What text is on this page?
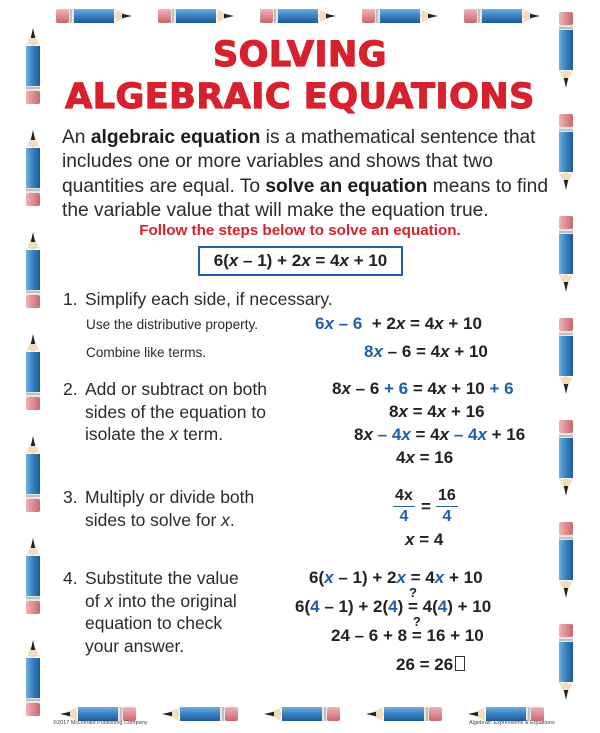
SOLVING
ALGEBRAIC EQUATIONS

An algebraic equation is a mathematical sentence that includes one or more variables and shows that two quantities are equal. To solve an equation means to find the variable value that will make the equation true.

Follow the steps below to solve an equation.
6(x – 1) + 2x = 4x + 10
1. Simplify each side, if necessary.
Use the distributive property.	6x – 6  + 2x = 4x + 10
Combine like terms.	8x – 6 = 4x + 10
2. Add or subtract on both
sides of the equation to
isolate the x term.
8x – 6 + 6 = 4x + 10 + 6
8x = 4x + 16
8x – 4x = 4x – 4x + 16
4x = 16
3. Multiply or divide both
sides to solve for x.	$\frac{4x}{4} = \frac{16}{4}$
x = 4
4. Substitute the value
of x into the original
equation to check
your answer.
6(x – 1) + 2x = 4x + 10
6(4 – 1) + 2(4)
?
= 4(4) + 10
24 – 6 + 8
?
= 16 + 10
26 = 26
©2017 McDonald Publishing Company	Algebraic Expressions & Equations
